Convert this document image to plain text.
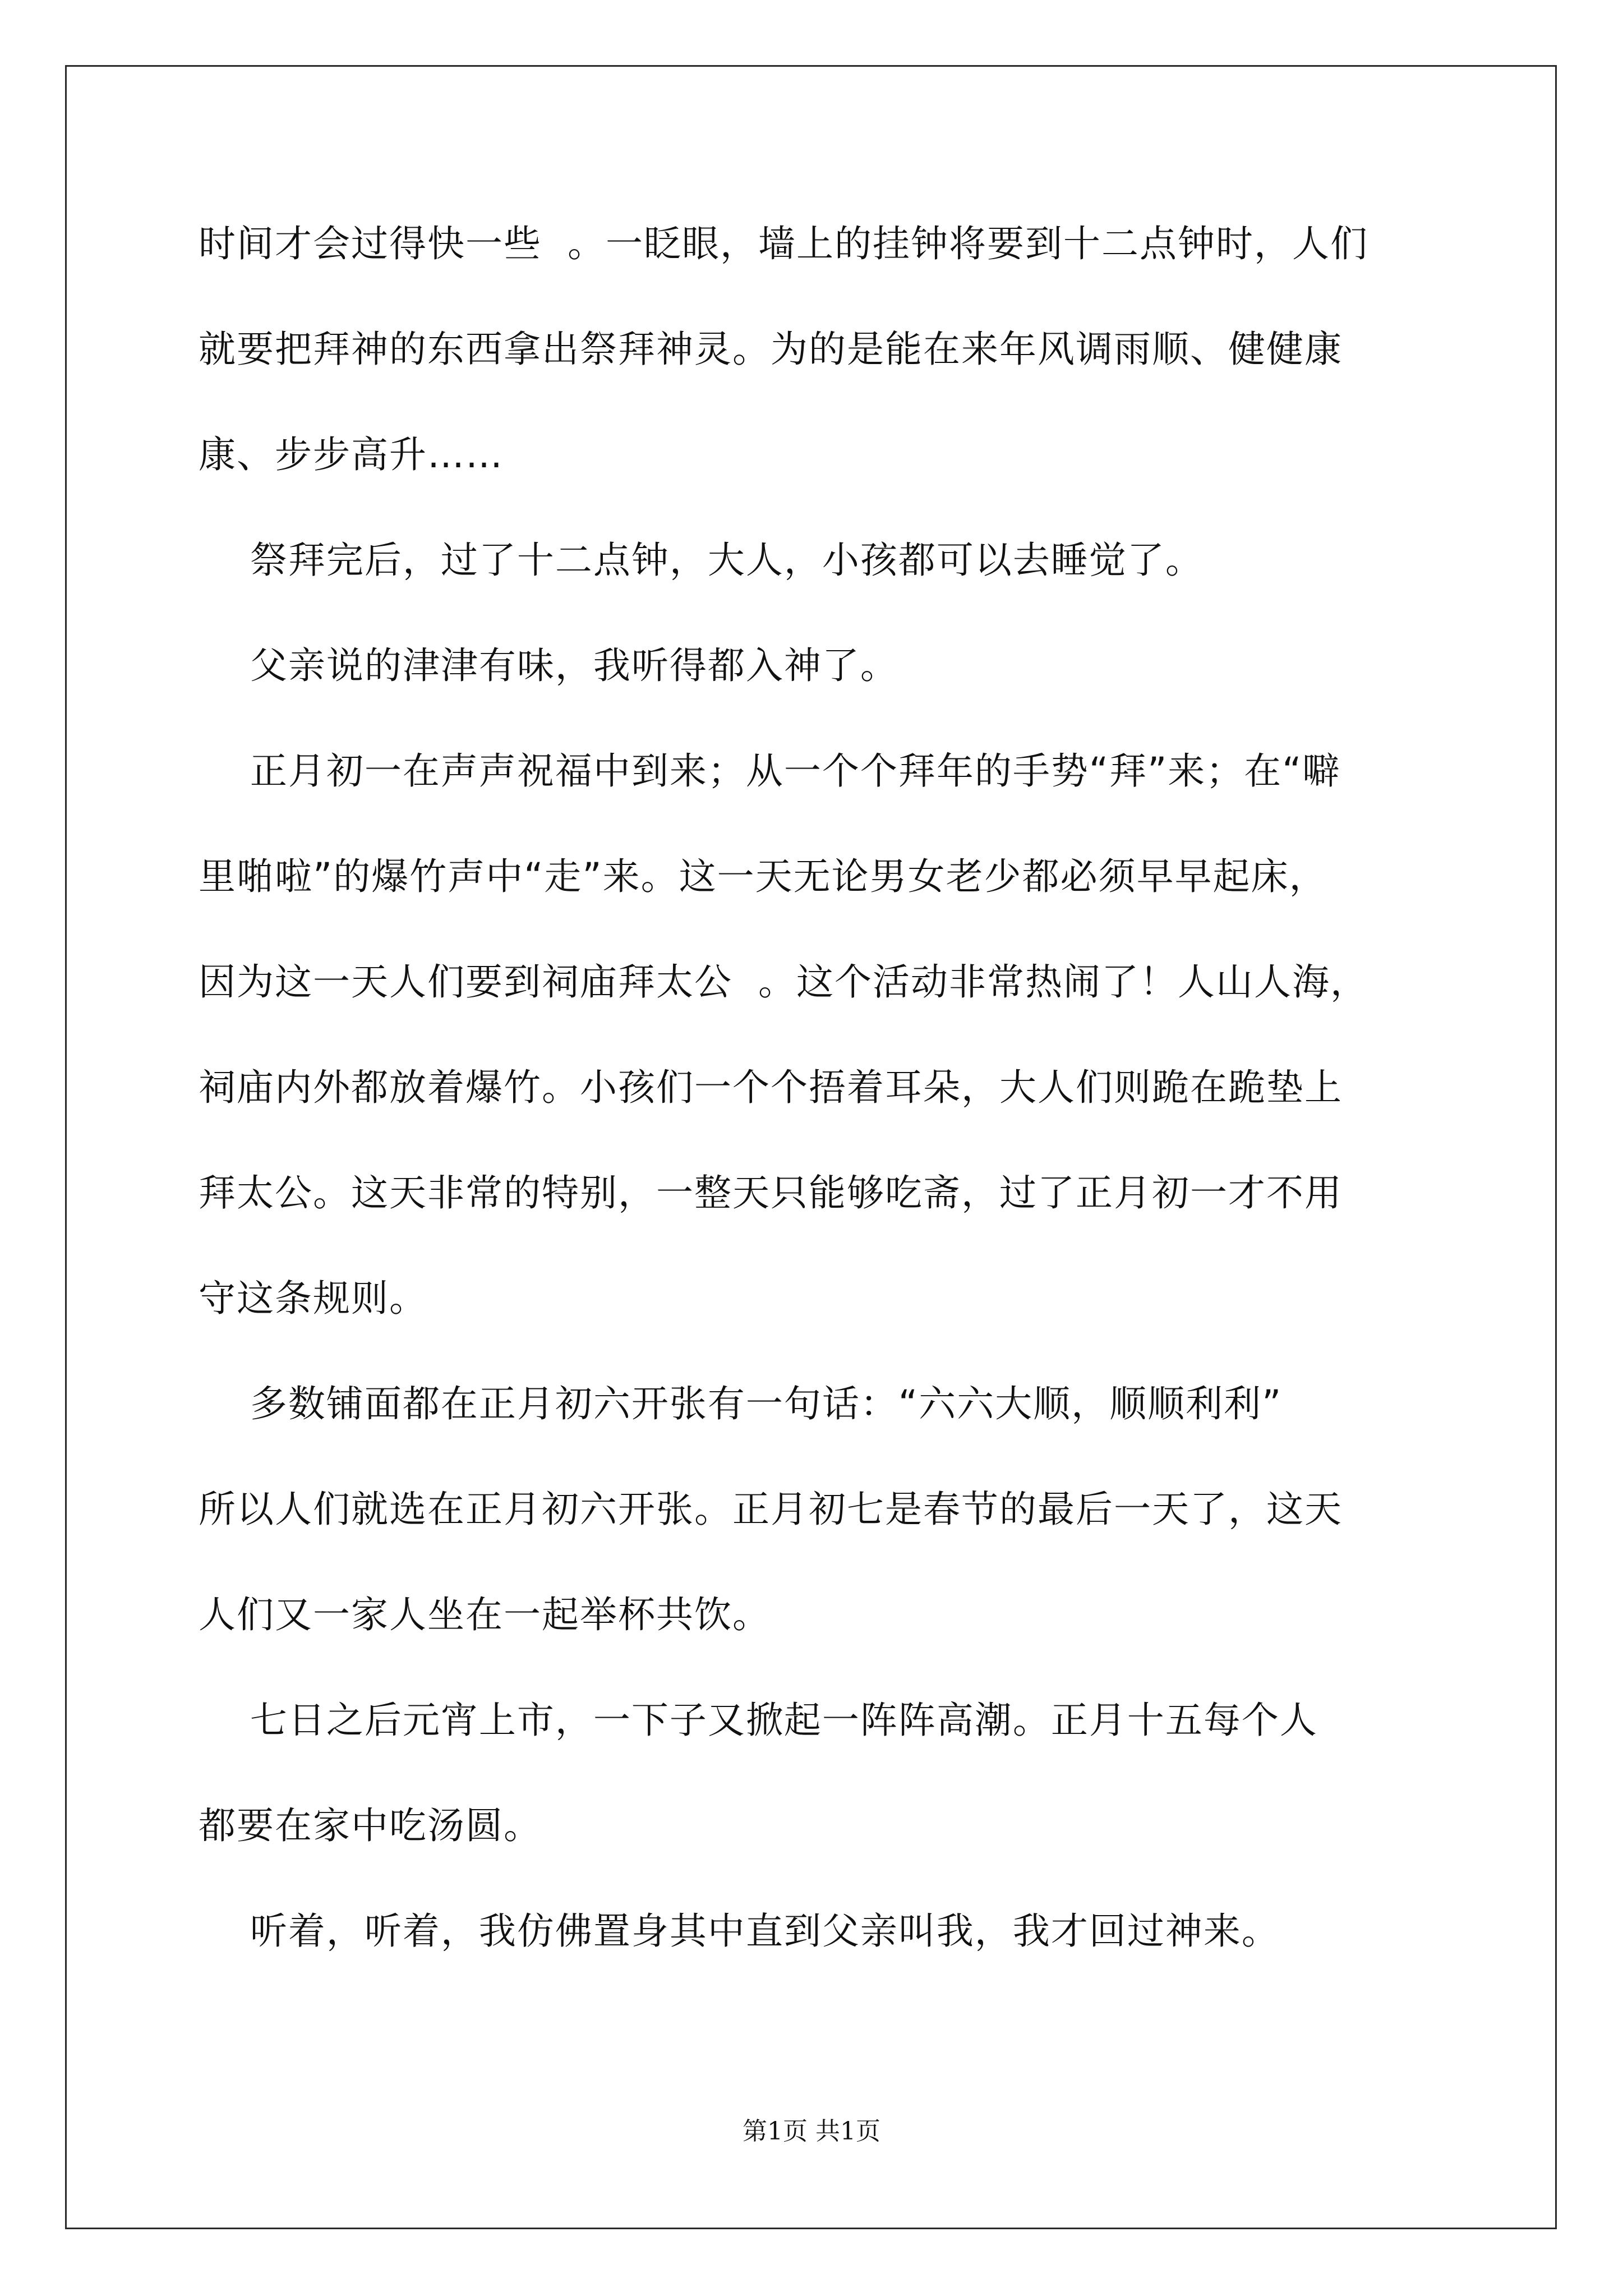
时间才会过得快一些  。一眨眼，墙上的挂钟将要到十二点钟时，人们
就要把拜神的东西拿出祭拜神灵。为的是能在来年风调雨顺、健健康
康、步步高升……
祭拜完后，过了十二点钟，大人，小孩都可以去睡觉了。
父亲说的津津有味，我听得都入神了。
正月初一在声声祝福中到来；从一个个拜年的手势“拜”来；在“噼
里啪啦”的爆竹声中“走”来。这一天无论男女老少都必须早早起床，
因为这一天人们要到祠庙拜太公  。这个活动非常热闹了！人山人海，
祠庙内外都放着爆竹。小孩们一个个捂着耳朵，大人们则跪在跪垫上
拜太公。这天非常的特别，一整天只能够吃斋，过了正月初一才不用
守这条规则。
多数铺面都在正月初六开张有一句话：“六六大顺，顺顺利利”
所以人们就选在正月初六开张。正月初七是春节的最后一天了，这天
人们又一家人坐在一起举杯共饮。
七日之后元宵上市，一下子又掀起一阵阵高潮。正月十五每个人
都要在家中吃汤圆。
听着，听着，我仿佛置身其中直到父亲叫我，我才回过神来。
第1页 共1页
